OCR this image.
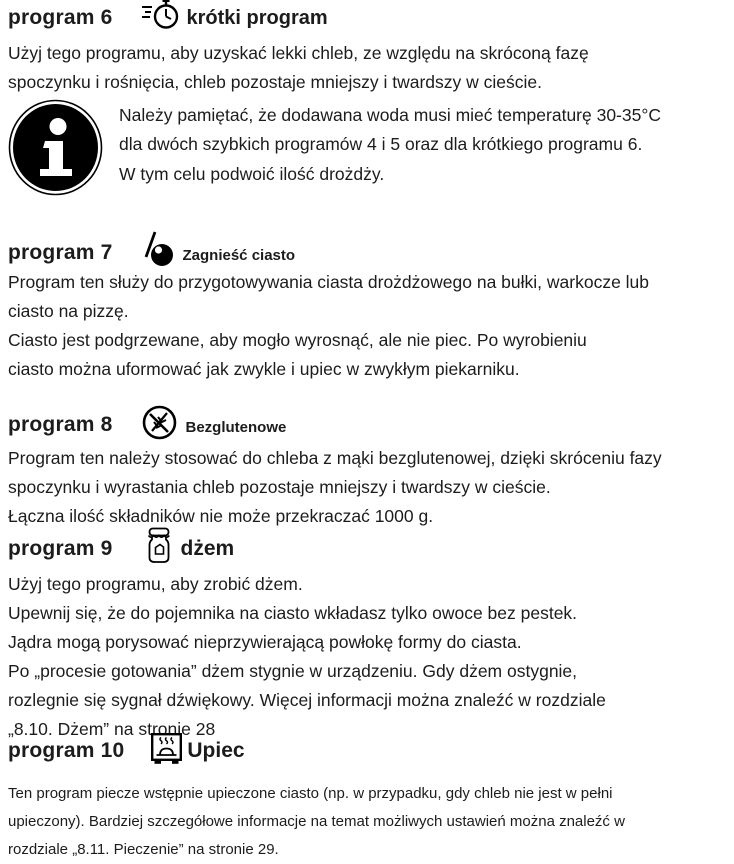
program 6	krótki program
Użyj tego programu, aby uzyskać lekki chleb, ze względu na skróconą fazę
spoczynku i rośnięcia, chleb pozostaje mniejszy i twardszy w cieście.
Należy pamiętać, że dodawana woda musi mieć temperaturę 30-35°C
dla dwóch szybkich programów 4 i 5 oraz dla krótkiego programu 6.
W tym celu podwoić ilość drożdży.
program 7	Zagnieść ciasto
Program ten służy do przygotowywania ciasta drożdżowego na bułki, warkocze lub
ciasto na pizzę.
Ciasto jest podgrzewane, aby mogło wyrosnąć, ale nie piec. Po wyrobieniu
ciasto można uformować jak zwykle i upiec w zwykłym piekarniku.
program 8	Bezglutenowe
Program ten należy stosować do chleba z mąki bezglutenowej, dzięki skróceniu fazy
spoczynku i wyrastania chleb pozostaje mniejszy i twardszy w cieście.
Łączna ilość składników nie może przekraczać 1000 g.
program 9	dżem
Użyj tego programu, aby zrobić dżem.
Upewnij się, że do pojemnika na ciasto wkładasz tylko owoce bez pestek.
Jądra mogą porysować nieprzywierającą powłokę formy do ciasta.
Po „procesie gotowania” dżem stygnie w urządzeniu. Gdy dżem ostygnie,
rozlegnie się sygnał dźwiękowy. Więcej informacji można znaleźć w rozdziale
„8.10. Dżem” na stronie 28
program 10	Upiec
Ten program piecze wstępnie upieczone ciasto (np. w przypadku, gdy chleb nie jest w pełni
upieczony). Bardziej szczegółowe informacje na temat możliwych ustawień można znaleźć w
rozdziale „8.11. Pieczenie” na stronie 29.
